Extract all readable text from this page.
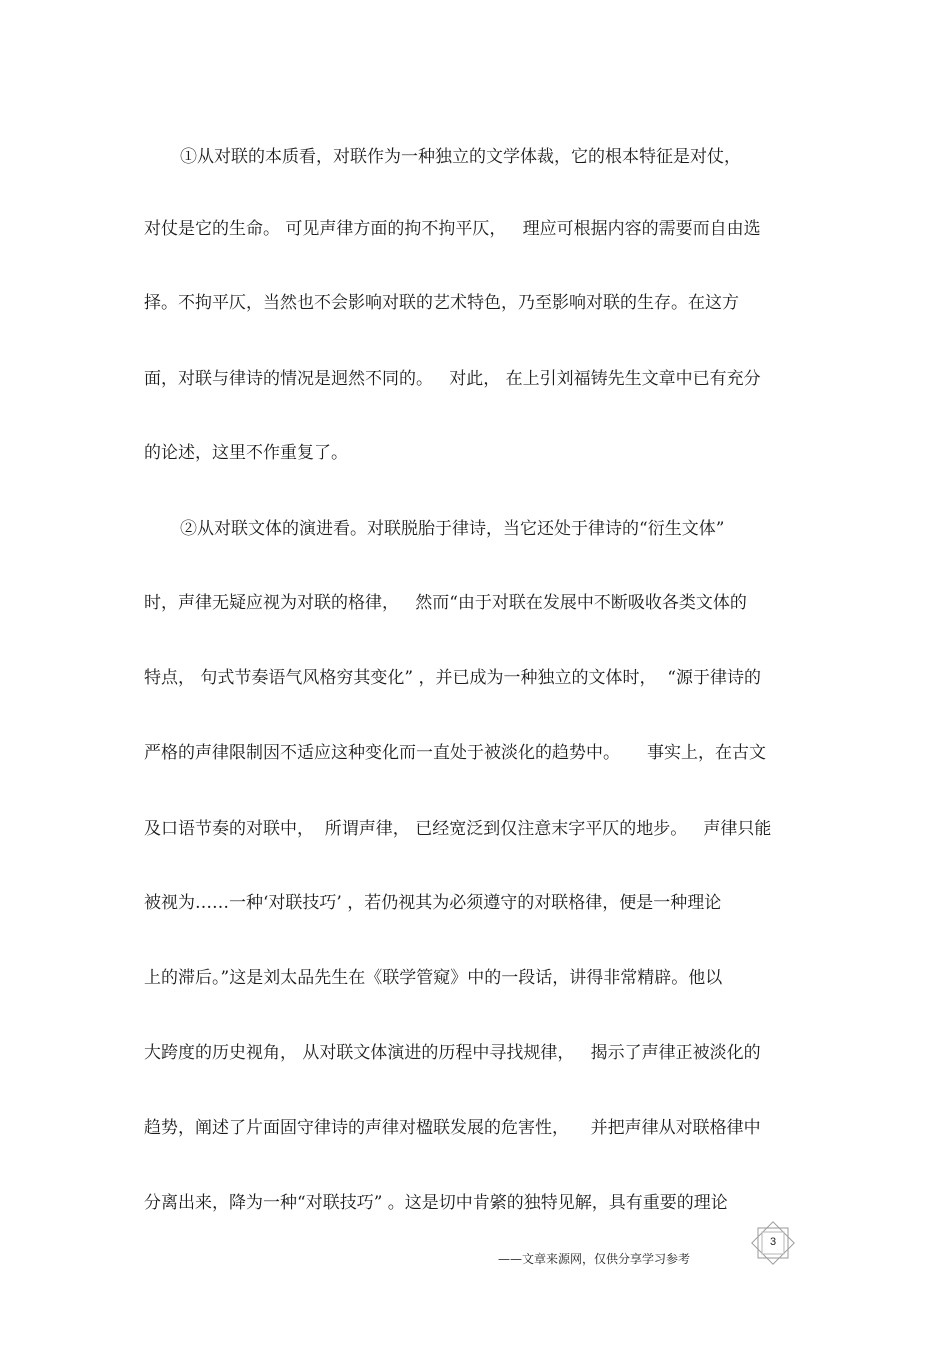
①从对联的本质看，对联作为一种独立的文学体裁，它的根本特征是对仗，
对仗是它的生命。 可见声律方面的拘不拘平仄，   理应可根据内容的需要而自由选
择。不拘平仄，当然也不会影响对联的艺术特色，乃至影响对联的生存。在这方
面，对联与律诗的情况是迥然不同的。   对此， 在上引刘福铸先生文章中已有充分
的论述，这里不作重复了。
②从对联文体的演进看。对联脱胎于律诗，当它还处于律诗的“衍生文体”
时，声律无疑应视为对联的格律，   然而“由于对联在发展中不断吸收各类文体的
特点， 句式节奏语气风格穷其变化” ，并已成为一种独立的文体时，  “源于律诗的
严格的声律限制因不适应这种变化而一直处于被淡化的趋势中。     事实上，在古文
及口语节奏的对联中，  所谓声律， 已经宽泛到仅注意末字平仄的地步。   声律只能
被视为……一种‘对联技巧’ ，若仍视其为必须遵守的对联格律，便是一种理论
上的滞后。”这是刘太品先生在《联学管窥》中的一段话，讲得非常精辟。他以
大跨度的历史视角， 从对联文体演进的历程中寻找规律，   揭示了声律正被淡化的
趋势，阐述了片面固守律诗的声律对楹联发展的危害性，    并把声律从对联格律中
分离出来，降为一种“对联技巧” 。这是切中肯綮的独特见解，具有重要的理论
——文章来源网，仅供分享学习参考
3
